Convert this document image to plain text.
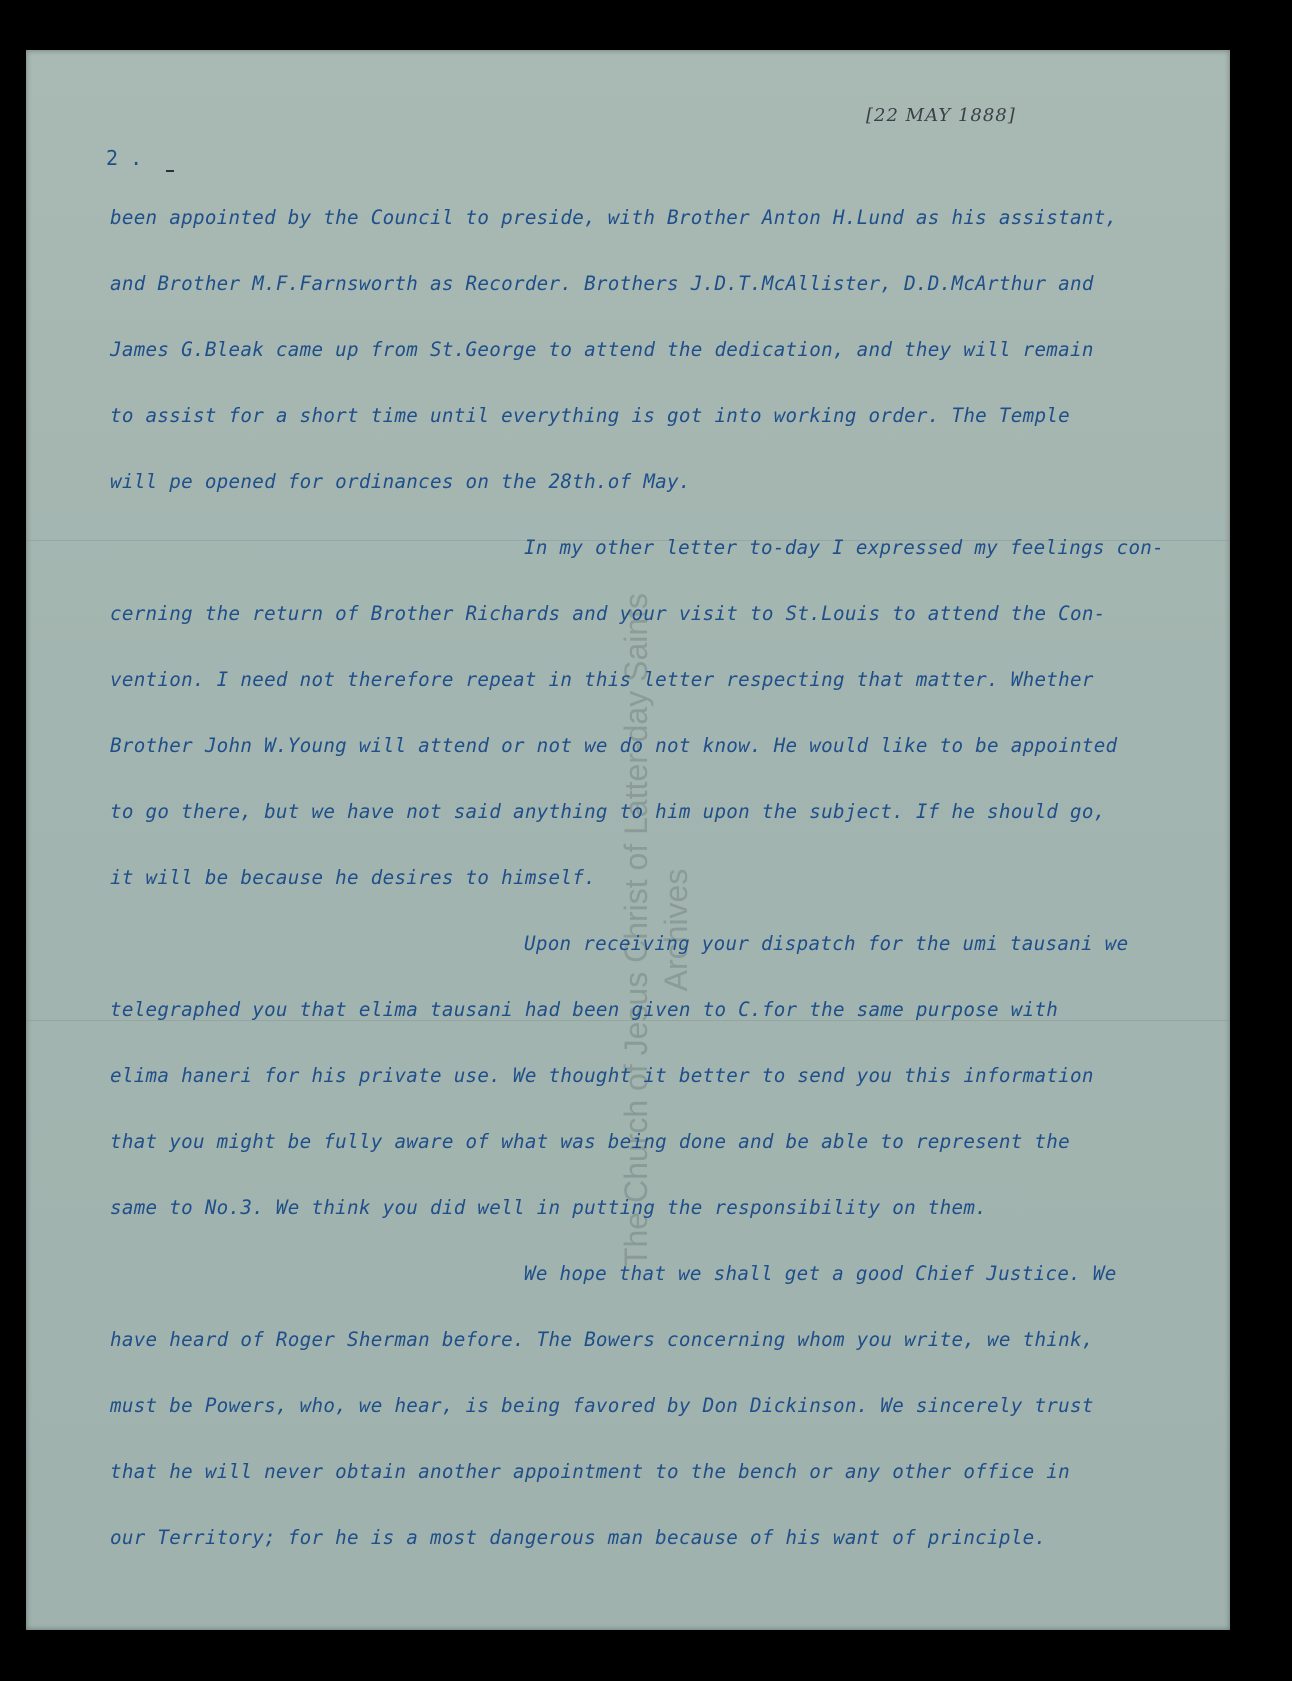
The Church of Jesus Christ of Latter-day Saints Archives
[22 MAY 1888]
2 .
been appointed by the Council to preside, with Brother Anton H.Lund as his assistant,
and Brother M.F.Farnsworth as Recorder. Brothers J.D.T.McAllister, D.D.McArthur and
James G.Bleak came up from St.George to attend the dedication, and they will remain
to assist for a short time until everything is got into working order. The Temple
will pe opened for ordinances on the 28th.of May.
In my other letter to-day I expressed my feelings con-
cerning the return of Brother Richards and your visit to St.Louis to attend the Con-
vention. I need not therefore repeat in this letter respecting that matter. Whether
Brother John W.Young will attend or not we do not know. He would like to be appointed
to go there, but we have not said anything to him upon the subject. If he should go,
it will be because he desires to himself.
Upon receiving your dispatch for the umi tausani we
telegraphed you that elima tausani had been given to C.for the same purpose with
elima haneri for his private use. We thought it better to send you this information
that you might be fully aware of what was being done and be able to represent the
same to No.3. We think you did well in putting the responsibility on them.
We hope that we shall get a good Chief Justice. We
have heard of Roger Sherman before. The Bowers concerning whom you write, we think,
must be Powers, who, we hear, is being favored by Don Dickinson. We sincerely trust
that he will never obtain another appointment to the bench or any other office in
our Territory; for he is a most dangerous man because of his want of principle.
